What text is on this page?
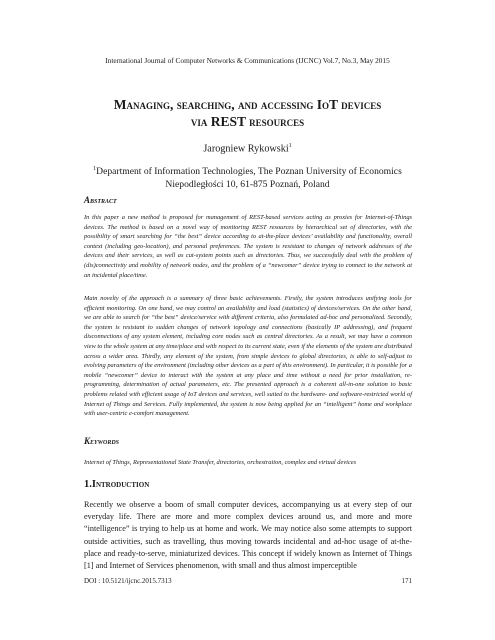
International Journal of Computer Networks & Communications (IJCNC) Vol.7, No.3, May 2015
Managing, searching, and accessing IoT devices
via REST resources
Jarogniew Rykowski$^1$
$^1$Department of Information Technologies, The Poznan University of Economics
Niepodległości 10, 61-875 Poznań, Poland
Abstract
In this paper a new method is proposed for management of REST-based services acting as proxies for Internet-of-Things devices. The method is based on a novel way of monitoring REST resources by hierarchical set of directories, with the possibility of smart searching for “the best” device according to at-the-place devices’ availability and functionality, overall context (including geo-location), and personal preferences. The system is resistant to changes of network addresses of the devices and their services, as well as cut-system points such as directories. Thus, we successfully deal with the problem of (dis)connectivity and mobility of network nodes, and the problem of a “newcomer” device trying to connect to the network at an incidental place/time.
Main novelty of the approach is a summary of three basic achievements. Firstly, the system introduces unifying tools for efficient monitoring. On one hand, we may control an availability and load (statistics) of devices/services. On the other hand, we are able to search for “the best” device/service with different criteria, also formulated ad-hoc and personalized. Secondly, the system is resistant to sudden changes of network topology and connections (basically IP addressing), and frequent disconnections of any system element, including core nodes such as central directories. As a result, we may have a common view to the whole system at any time/place and with respect to its current state, even if the elements of the system are distributed across a wider area. Thirdly, any element of the system, from simple devices to global directories, is able to self-adjust to evolving parameters of the environment (including other devices as a part of this environment). In particular, it is possible for a mobile “newcomer” device to interact with the system at any place and time without a need for prior installation, re-programming, determination of actual parameters, etc. The presented approach is a coherent all-in-one solution to basic problems related with efficient usage of IoT devices and services, well suited to the hardware- and software-restricted world of Internet of Things and Services. Fully implemented, the system is now being applied for an “intelligent” home and workplace with user-centric e-comfort management.
Keywords
Internet of Things, Representational State Transfer, directories, orchestration, complex and virtual devices
1.Introduction
Recently we observe a boom of small computer devices, accompanying us at every step of our everyday life. There are more and more complex devices around us, and more and more “intelligence” is trying to help us at home and work. We may notice also some attempts to support outside activities, such as travelling, thus moving towards incidental and ad-hoc usage of at-the-place and ready-to-serve, miniaturized devices. This concept if widely known as Internet of Things [1] and Internet of Services phenomenon, with small and thus almost imperceptible
DOI : 10.5121/ijcnc.2015.7313	171
